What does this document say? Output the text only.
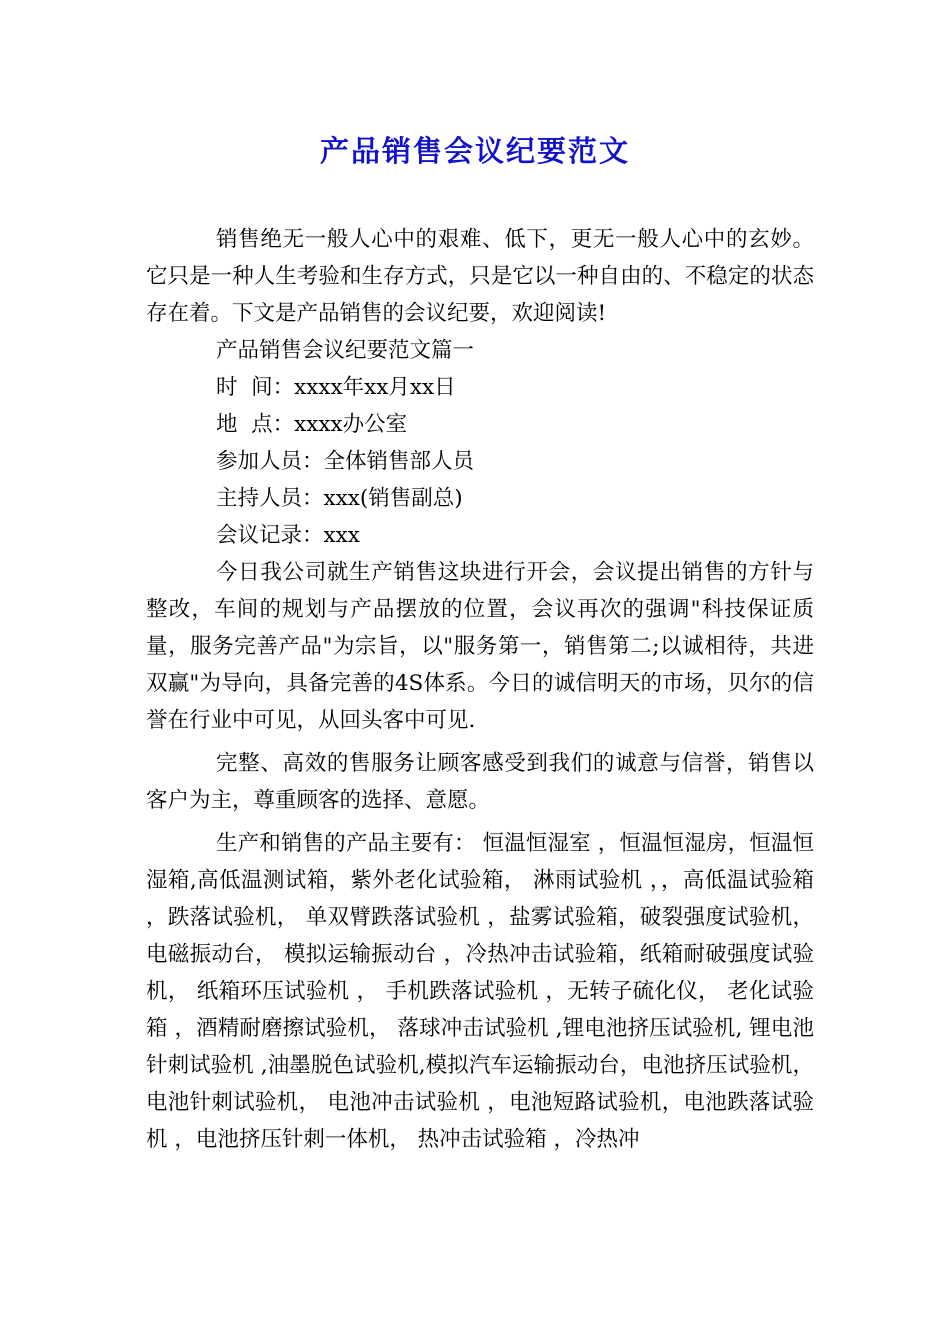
产品销售会议纪要范文

销售绝无一般人心中的艰难、低下，更无一般人心中的玄妙。它只是一种人生考验和生存方式，只是它以一种自由的、不稳定的状态存在着。下文是产品销售的会议纪要，欢迎阅读!

产品销售会议纪要范文篇一

时  间：xxxx年xx月xx日

地  点：xxxx办公室

参加人员：全体销售部人员

主持人员：xxx(销售副总)

会议记录：xxx

今日我公司就生产销售这块进行开会，会议提出销售的方针与整改，车间的规划与产品摆放的位置，会议再次的强调"科技保证质量，服务完善产品"为宗旨，以"服务第一，销售第二;以诚相待，共进双赢"为导向，具备完善的4S体系。今日的诚信明天的市场，贝尔的信誉在行业中可见，从回头客中可见.

完整、高效的售服务让顾客感受到我们的诚意与信誉，销售以客户为主，尊重顾客的选择、意愿。

生产和销售的产品主要有： 恒温恒湿室 ，恒温恒湿房，恒温恒湿箱,高低温测试箱，紫外老化试验箱， 淋雨试验机 ，，高低温试验箱 ，跌落试验机， 单双臂跌落试验机 ，盐雾试验箱，破裂强度试验机，电磁振动台， 模拟运输振动台 ，冷热冲击试验箱，纸箱耐破强度试验机， 纸箱环压试验机 ， 手机跌落试验机 ，无转子硫化仪， 老化试验箱 ，酒精耐磨擦试验机， 落球冲击试验机 ,锂电池挤压试验机, 锂电池针刺试验机 ,油墨脱色试验机,模拟汽车运输振动台，电池挤压试验机，电池针刺试验机， 电池冲击试验机 ，电池短路试验机，电池跌落试验机 ，电池挤压针刺一体机， 热冲击试验箱 ，冷热冲
